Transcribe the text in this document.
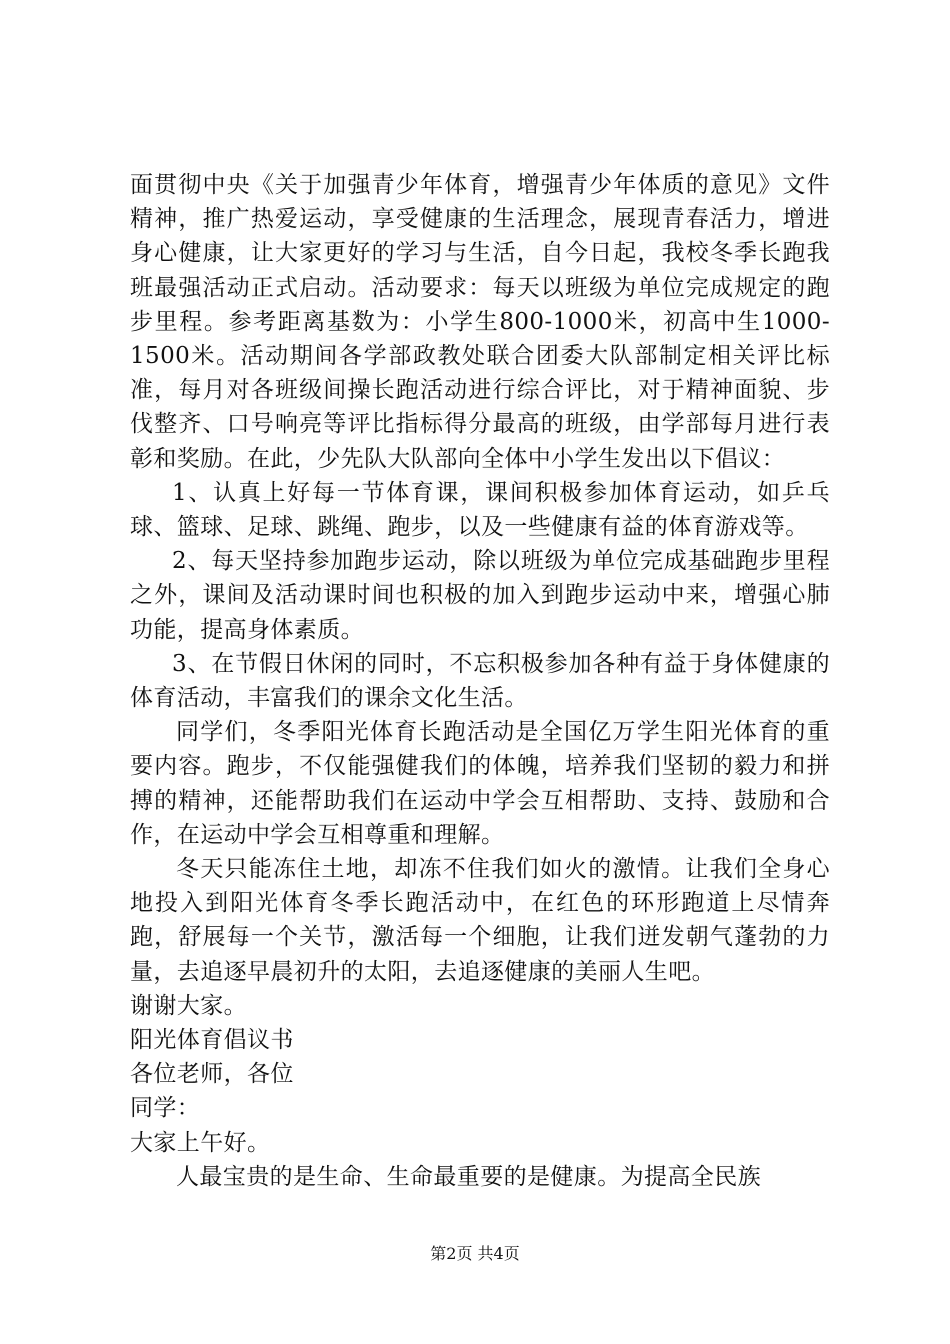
面贯彻中央《关于加强青少年体育，增强青少年体质的意见》文件精神，推广热爱运动，享受健康的生活理念，展现青春活力，增进身心健康，让大家更好的学习与生活，自今日起，我校冬季长跑我班最强活动正式启动。活动要求：每天以班级为单位完成规定的跑步里程。参考距离基数为：小学生800-1000米，初高中生1000-1500米。活动期间各学部政教处联合团委大队部制定相关评比标准，每月对各班级间操长跑活动进行综合评比，对于精神面貌、步伐整齐、口号响亮等评比指标得分最高的班级，由学部每月进行表彰和奖励。在此，少先队大队部向全体中小学生发出以下倡议：

1、认真上好每一节体育课，课间积极参加体育运动，如乒乓球、篮球、足球、跳绳、跑步，以及一些健康有益的体育游戏等。

2、每天坚持参加跑步运动，除以班级为单位完成基础跑步里程之外，课间及活动课时间也积极的加入到跑步运动中来，增强心肺功能，提高身体素质。

3、在节假日休闲的同时，不忘积极参加各种有益于身体健康的体育活动，丰富我们的课余文化生活。

同学们，冬季阳光体育长跑活动是全国亿万学生阳光体育的重要内容。跑步，不仅能强健我们的体魄，培养我们坚韧的毅力和拼搏的精神，还能帮助我们在运动中学会互相帮助、支持、鼓励和合作，在运动中学会互相尊重和理解。

冬天只能冻住土地，却冻不住我们如火的激情。让我们全身心地投入到阳光体育冬季长跑活动中，在红色的环形跑道上尽情奔跑，舒展每一个关节，激活每一个细胞，让我们迸发朝气蓬勃的力量，去追逐早晨初升的太阳，去追逐健康的美丽人生吧。

谢谢大家。

阳光体育倡议书

各位老师，各位

同学：

大家上午好。

人最宝贵的是生命、生命最重要的是健康。为提高全民族

第2页 共4页
